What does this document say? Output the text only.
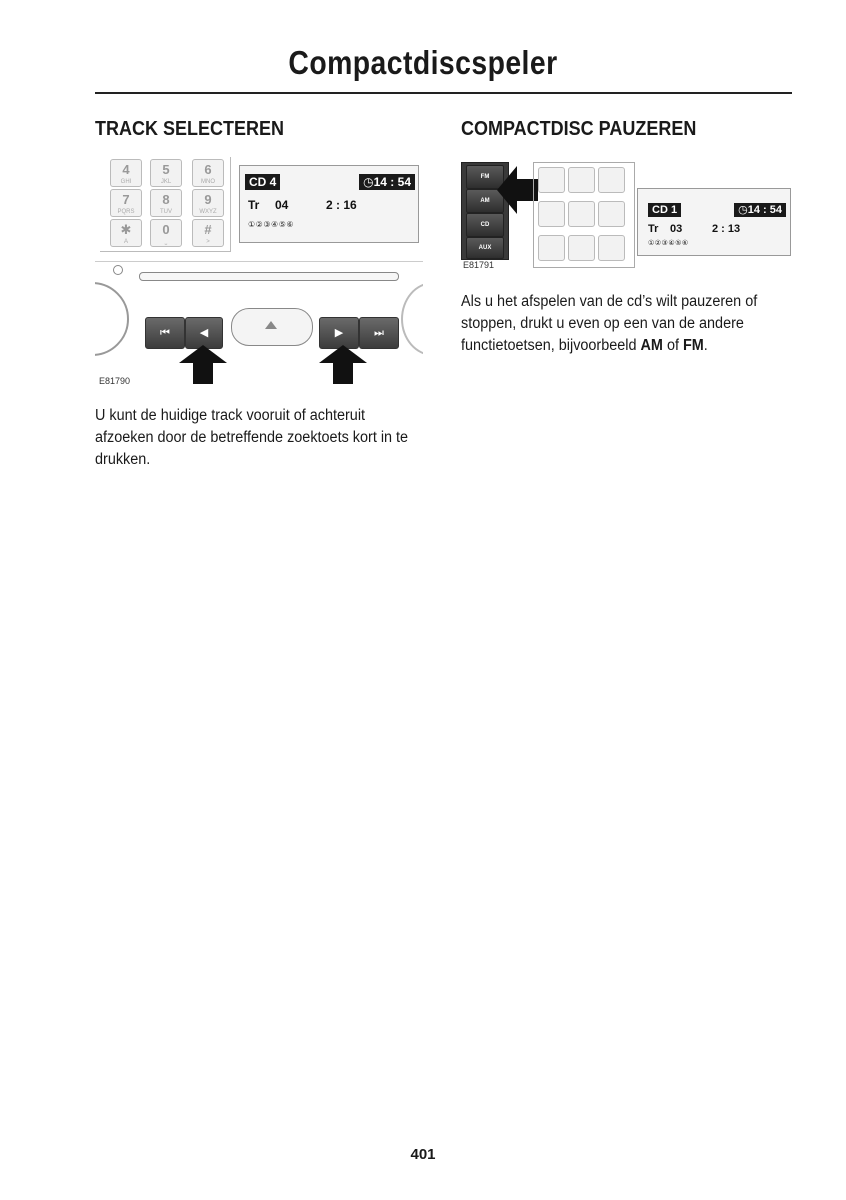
Compactdiscspeler
TRACK SELECTEREN
4
GHI
5
JKL
6
MNO
7
PQRS
8
TUV
9
WXYZ
✱
A
0
⎵
#
>
CD 4	◷14 : 54
Tr 04	2 : 16
①②③④⑤⑥
⏮	◀	▶	⏭
E81790
U kunt de huidige track vooruit of achteruit afzoeken door de betreffende zoektoets kort in te drukken.
COMPACTDISC PAUZEREN
FM
AM
CD
AUX
CD 1	◷14 : 54
Tr 03	2 : 13
①②③④⑤⑥
E81791
Als u het afspelen van de cd’s wilt pauzeren of stoppen, drukt u even op een van de andere functietoetsen, bijvoorbeeld AM of FM.
401
